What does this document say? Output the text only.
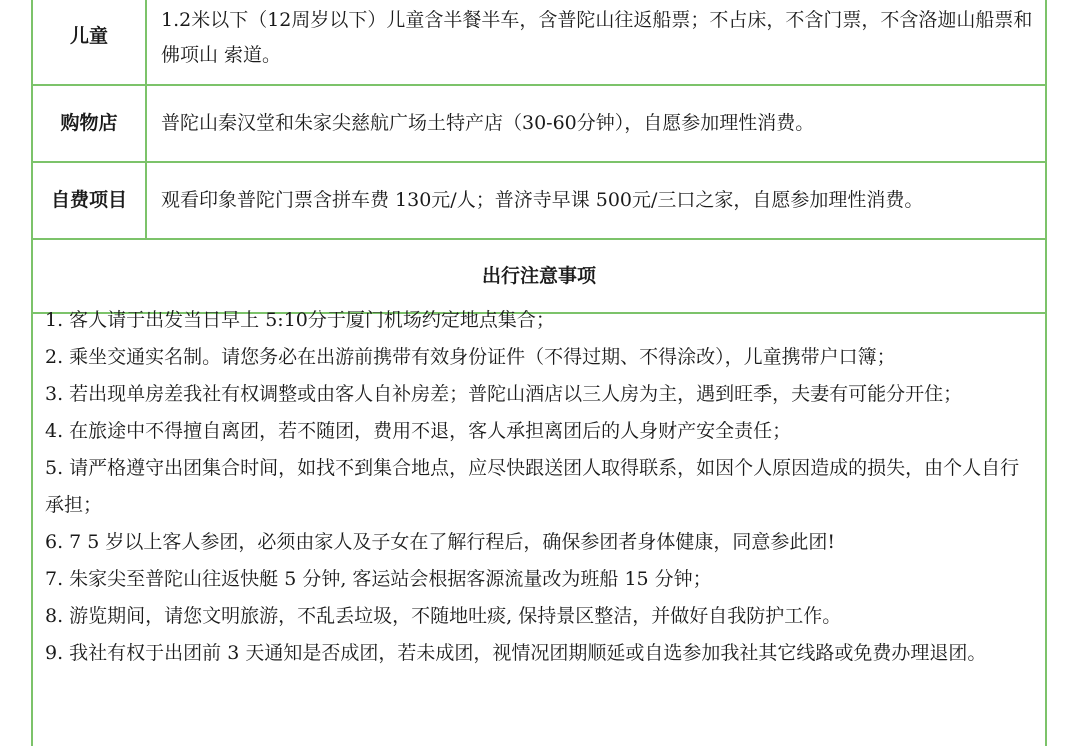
儿童	1.2米以下（12周岁以下）儿童含半餐半车，含普陀山往返船票；不占床，不含门票，不含洛迦山船票和佛项山 索道。
购物店	普陀山秦汉堂和朱家尖慈航广场土特产店（30-60分钟），自愿参加理性消费。
自费项目	观看印象普陀门票含拼车费 130元/人；普济寺早课 500元/三口之家，自愿参加理性消费。
出行注意事项	

1. 客人请于出发当日早上 5:10分于厦门机场约定地点集合；

2. 乘坐交通实名制。请您务必在出游前携带有效身份证件（不得过期、不得涂改），儿童携带户口簿；

3. 若出现单房差我社有权调整或由客人自补房差；普陀山酒店以三人房为主，遇到旺季，夫妻有可能分开住；

4. 在旅途中不得擅自离团，若不随团，费用不退，客人承担离团后的人身财产安全责任；

5. 请严格遵守出团集合时间，如找不到集合地点，应尽快跟送团人取得联系，如因个人原因造成的损失，由个人自行承担；

6. 7 5 岁以上客人参团，必须由家人及子女在了解行程后，确保参团者身体健康，同意参此团!

7. 朱家尖至普陀山往返快艇 5 分钟, 客运站会根据客源流量改为班船 15 分钟；

8. 游览期间，请您文明旅游，不乱丢垃圾，不随地吐痰, 保持景区整洁，并做好自我防护工作。

9. 我社有权于出团前 3 天通知是否成团，若未成团，视情况团期顺延或自选参加我社其它线路或免费办理退团。
